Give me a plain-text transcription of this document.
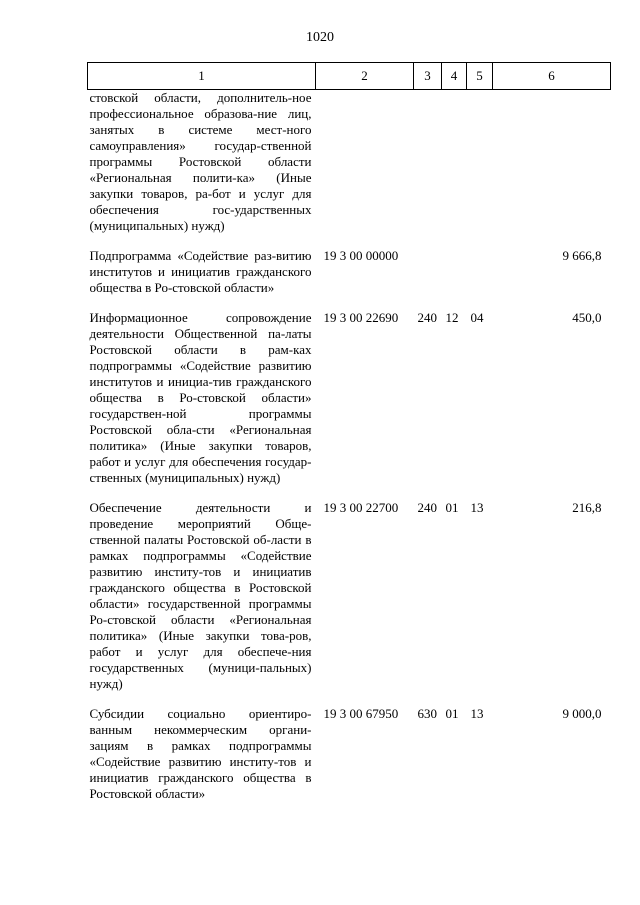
1020
1	2	3	4	5	6
стовской области, дополнитель-ное профессиональное образова-ние лиц, занятых в системе мест-ного самоуправления» государ-ственной программы Ростовской области «Региональная полити-ка» (Иные закупки товаров, ра-бот и услуг для обеспечения гос-ударственных (муниципальных) нужд)					
Подпрограмма «Содействие раз-витию институтов и инициатив гражданского общества в Ро-стовской области»	19 3 00 00000				9 666,8
Информационное сопровождение деятельности Общественной па-латы Ростовской области в рам-ках подпрограммы «Содействие развитию институтов и инициа-тив гражданского общества в Ро-стовской области» государствен-ной программы Ростовской обла-сти «Региональная политика» (Иные закупки товаров, работ и услуг для обеспечения государ-ственных (муниципальных) нужд)	19 3 00 22690	240	12	04	450,0
Обеспечение деятельности и проведение мероприятий Обще-ственной палаты Ростовской об-ласти в рамках подпрограммы «Содействие развитию институ-тов и инициатив гражданского общества в Ростовской области» государственной программы Ро-стовской области «Региональная политика» (Иные закупки това-ров, работ и услуг для обеспече-ния государственных (муници-пальных) нужд)	19 3 00 22700	240	01	13	216,8
Субсидии социально ориентиро-ванным некоммерческим органи-зациям в рамках подпрограммы «Содействие развитию институ-тов и инициатив гражданского общества в Ростовской области»	19 3 00 67950	630	01	13	9 000,0
